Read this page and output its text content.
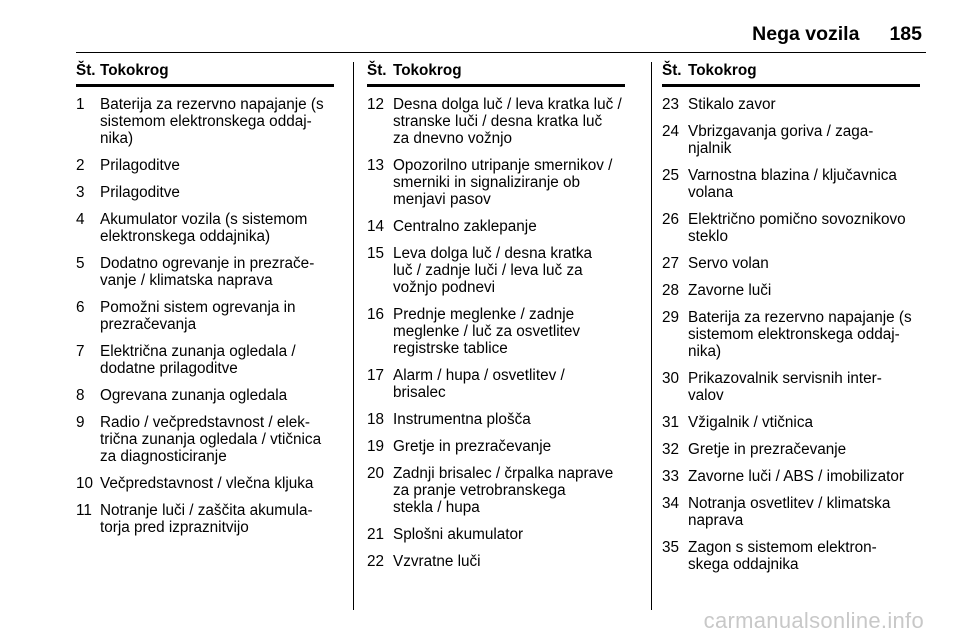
Nega vozila 185
Št. Tokokrog
1	Baterija za rezervno napajanje (s
sistemom elektronskega oddaj-
nika)
2	Prilagoditve
3	Prilagoditve
4	Akumulator vozila (s sistemom
elektronskega oddajnika)
5	Dodatno ogrevanje in prezrače-
vanje / klimatska naprava
6	Pomožni sistem ogrevanja in
prezračevanja
7	Električna zunanja ogledala /
dodatne prilagoditve
8	Ogrevana zunanja ogledala
9	Radio / večpredstavnost / elek-
trična zunanja ogledala / vtičnica
za diagnosticiranje
10 Večpredstavnost / vlečna kljuka
11 Notranje luči / zaščita akumula-
torja pred izpraznitvijo
Št. Tokokrog
12 Desna dolga luč / leva kratka luč /
stranske luči / desna kratka luč
za dnevno vožnjo
13 Opozorilno utripanje smernikov /
smerniki in signaliziranje ob
menjavi pasov
14 Centralno zaklepanje
15 Leva dolga luč / desna kratka
luč / zadnje luči / leva luč za
vožnjo podnevi
16 Prednje meglenke / zadnje
meglenke / luč za osvetlitev
registrske tablice
17 Alarm / hupa / osvetlitev /
brisalec
18 Instrumentna plošča
19 Gretje in prezračevanje
20 Zadnji brisalec / črpalka naprave
za pranje vetrobranskega
stekla / hupa
21 Splošni akumulator
22 Vzvratne luči
Št. Tokokrog
23 Stikalo zavor
24 Vbrizgavanja goriva / zaga-
njalnik
25 Varnostna blazina / ključavnica
volana
26 Električno pomično sovoznikovo
steklo
27 Servo volan
28 Zavorne luči
29 Baterija za rezervno napajanje (s
sistemom elektronskega oddaj-
nika)
30 Prikazovalnik servisnih inter-
valov
31 Vžigalnik / vtičnica
32 Gretje in prezračevanje
33 Zavorne luči / ABS / imobilizator
34 Notranja osvetlitev / klimatska
naprava
35 Zagon s sistemom elektron-
skega oddajnika
carmanualsonline.info
